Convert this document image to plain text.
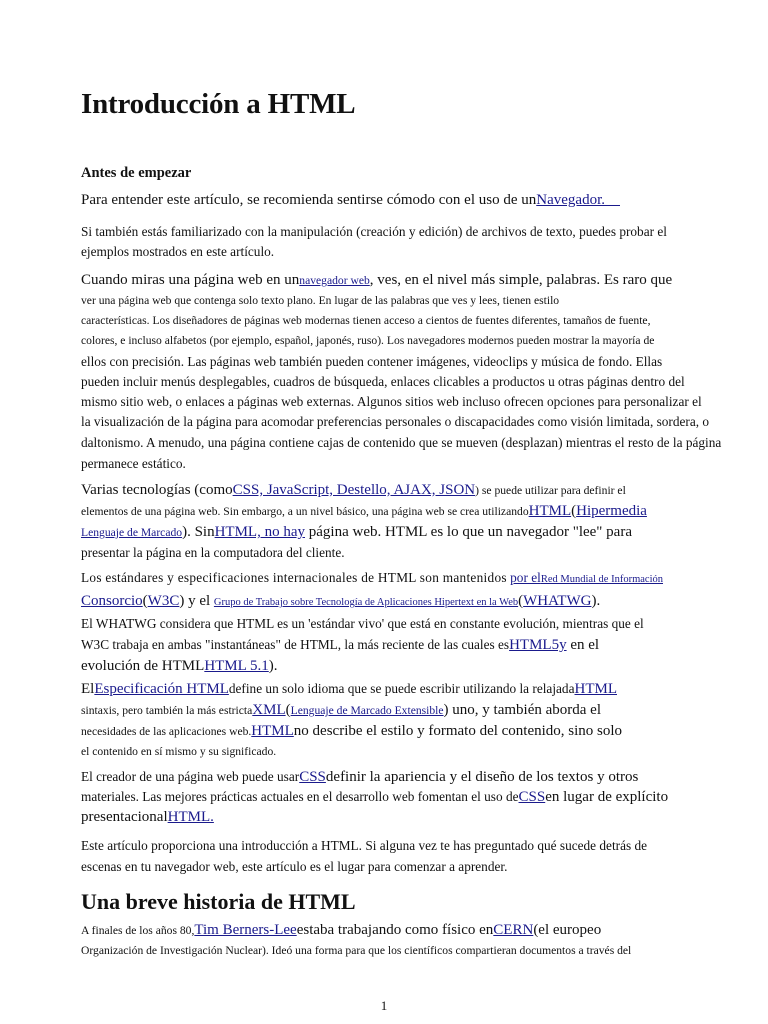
Introducción a HTML
Antes de empezar
Para entender este artículo, se recomienda sentirse cómodo con el uso de unNavegador.
Si también estás familiarizado con la manipulación (creación y edición) de archivos de texto, puedes probar el
ejemplos mostrados en este artículo.
Cuando miras una página web en unnavegador web, ves, en el nivel más simple, palabras. Es raro que
ver una página web que contenga solo texto plano. En lugar de las palabras que ves y lees, tienen estilo
características. Los diseñadores de páginas web modernas tienen acceso a cientos de fuentes diferentes, tamaños de fuente,
colores, e incluso alfabetos (por ejemplo, español, japonés, ruso). Los navegadores modernos pueden mostrar la mayoría de
ellos con precisión. Las páginas web también pueden contener imágenes, videoclips y música de fondo. Ellas
pueden incluir menús desplegables, cuadros de búsqueda, enlaces clicables a productos u otras páginas dentro del
mismo sitio web, o enlaces a páginas web externas. Algunos sitios web incluso ofrecen opciones para personalizar el
la visualización de la página para acomodar preferencias personales o discapacidades como visión limitada, sordera, o
daltonismo. A menudo, una página contiene cajas de contenido que se mueven (desplazan) mientras el resto de la página
permanece estático.
Varias tecnologías (comoCSS, JavaScript, Destello, AJAX, JSON) se puede utilizar para definir el
elementos de una página web. Sin embargo, a un nivel básico, una página web se crea utilizandoHTML(Hipermedia
Lenguaje de Marcado). SinHTML, no hay página web. HTML es lo que un navegador "lee" para
presentar la página en la computadora del cliente.
Los estándares y especificaciones internacionales de HTML son mantenidos por elRed Mundial de Información
Consorcio(W3C) y el Grupo de Trabajo sobre Tecnología de Aplicaciones Hipertext en la Web(WHATWG).
El WHATWG considera que HTML es un 'estándar vivo' que está en constante evolución, mientras que el
W3C trabaja en ambas "instantáneas" de HTML, la más reciente de las cuales esHTML5y en el
evolución de HTMLHTML 5.1).
ElEspecificación HTMLdefine un solo idioma que se puede escribir utilizando la relajadaHTML
sintaxis, pero también la más estrictaXML(Lenguaje de Marcado Extensible) uno, y también aborda el
necesidades de las aplicaciones web.HTMLno describe el estilo y formato del contenido, sino solo
el contenido en sí mismo y su significado.
El creador de una página web puede usarCSSdefinir la apariencia y el diseño de los textos y otros
materiales. Las mejores prácticas actuales en el desarrollo web fomentan el uso deCSSen lugar de explícito
presentacionalHTML.
Este artículo proporciona una introducción a HTML. Si alguna vez te has preguntado qué sucede detrás de
escenas en tu navegador web, este artículo es el lugar para comenzar a aprender.
Una breve historia de HTML
A finales de los años 80,Tim Berners-Leeestaba trabajando como físico enCERN(el europeo
Organización de Investigación Nuclear). Ideó una forma para que los científicos compartieran documentos a través del
1
